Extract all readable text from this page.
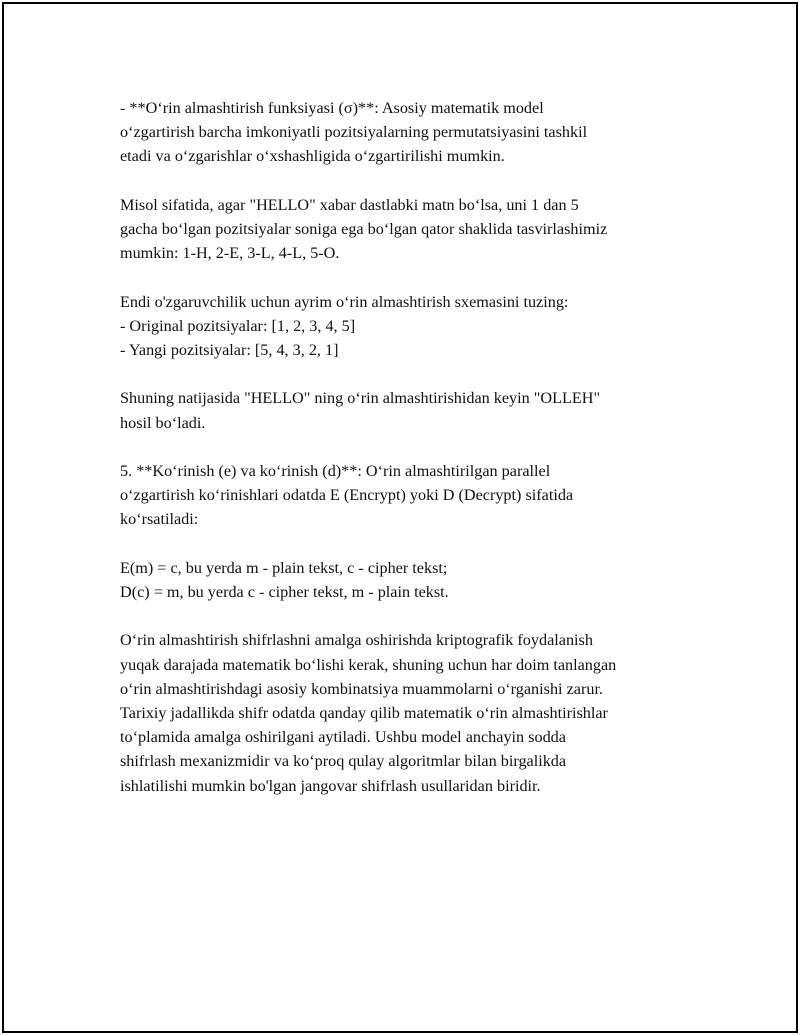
- **O‘rin almashtirish funksiyasi (σ)**: Asosiy matematik model
o‘zgartirish barcha imkoniyatli pozitsiyalarning permutatsiyasini tashkil
etadi va o‘zgarishlar o‘xshashligida o‘zgartirilishi mumkin.
Misol sifatida, agar "HELLO" xabar dastlabki matn bo‘lsa, uni 1 dan 5
gacha bo‘lgan pozitsiyalar soniga ega bo‘lgan qator shaklida tasvirlashimiz
mumkin: 1-H, 2-E, 3-L, 4-L, 5-O.
Endi o'zgaruvchilik uchun ayrim o‘rin almashtirish sxemasini tuzing:
- Original pozitsiyalar: [1, 2, 3, 4, 5]
- Yangi pozitsiyalar: [5, 4, 3, 2, 1]
Shuning natijasida "HELLO" ning o‘rin almashtirishidan keyin "OLLEH"
hosil bo‘ladi.
5. **Ko‘rinish (e) va ko‘rinish (d)**: O‘rin almashtirilgan parallel
o‘zgartirish ko‘rinishlari odatda E (Encrypt) yoki D (Decrypt) sifatida
ko‘rsatiladi:
E(m) = c, bu yerda m - plain tekst, c - cipher tekst;
D(c) = m, bu yerda c - cipher tekst, m - plain tekst.
O‘rin almashtirish shifrlashni amalga oshirishda kriptografik foydalanish
yuqak darajada matematik bo‘lishi kerak, shuning uchun har doim tanlangan
o‘rin almashtirishdagi asosiy kombinatsiya muammolarni o‘rganishi zarur.
Tarixiy jadallikda shifr odatda qanday qilib matematik o‘rin almashtirishlar
to‘plamida amalga oshirilgani aytiladi. Ushbu model anchayin sodda
shifrlash mexanizmidir va ko‘proq qulay algoritmlar bilan birgalikda
ishlatilishi mumkin bo'lgan jangovar shifrlash usullaridan biridir.
